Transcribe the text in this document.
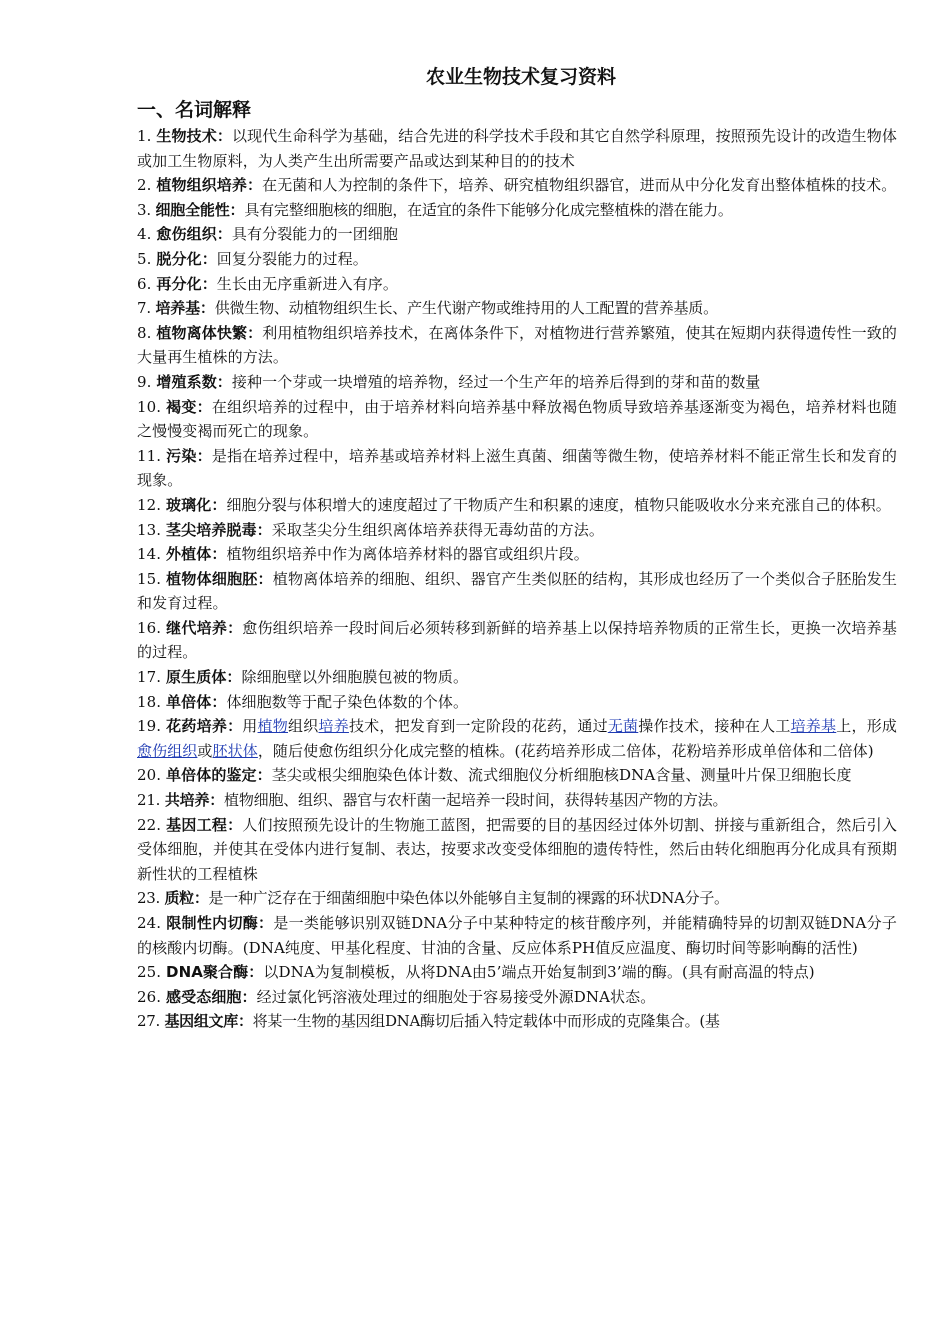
农业生物技术复习资料
一、名词解释

1. 生物技术：以现代生命科学为基础，结合先进的科学技术手段和其它自然学科原理，按照预先设计的改造生物体或加工生物原料，为人类产生出所需要产品或达到某种目的的技术

2. 植物组织培养：在无菌和人为控制的条件下，培养、研究植物组织器官，进而从中分化发育出整体植株的技术。

3. 细胞全能性：具有完整细胞核的细胞，在适宜的条件下能够分化成完整植株的潜在能力。

4. 愈伤组织：具有分裂能力的一团细胞

5. 脱分化：回复分裂能力的过程。

6. 再分化：生长由无序重新进入有序。

7. 培养基：供微生物、动植物组织生长、产生代谢产物或维持用的人工配置的营养基质。

8. 植物离体快繁：利用植物组织培养技术，在离体条件下，对植物进行营养繁殖，使其在短期内获得遗传性一致的大量再生植株的方法。

9. 增殖系数：接种一个芽或一块增殖的培养物，经过一个生产年的培养后得到的芽和苗的数量

10. 褐变：在组织培养的过程中，由于培养材料向培养基中释放褐色物质导致培养基逐渐变为褐色，培养材料也随之慢慢变褐而死亡的现象。

11. 污染：是指在培养过程中，培养基或培养材料上滋生真菌、细菌等微生物，使培养材料不能正常生长和发育的现象。

12. 玻璃化：细胞分裂与体积增大的速度超过了干物质产生和积累的速度，植物只能吸收水分来充涨自己的体积。

13. 茎尖培养脱毒：采取茎尖分生组织离体培养获得无毒幼苗的方法。

14. 外植体：植物组织培养中作为离体培养材料的器官或组织片段。

15. 植物体细胞胚：植物离体培养的细胞、组织、器官产生类似胚的结构，其形成也经历了一个类似合子胚胎发生和发育过程。

16. 继代培养：愈伤组织培养一段时间后必须转移到新鲜的培养基上以保持培养物质的正常生长，更换一次培养基的过程。

17. 原生质体：除细胞壁以外细胞膜包被的物质。

18. 单倍体：体细胞数等于配子染色体数的个体。

19. 花药培养：用植物组织培养技术，把发育到一定阶段的花药，通过无菌操作技术，接种在人工培养基上，形成愈伤组织或胚状体，随后使愈伤组织分化成完整的植株。(花药培养形成二倍体，花粉培养形成单倍体和二倍体)

20. 单倍体的鉴定：茎尖或根尖细胞染色体计数、流式细胞仪分析细胞核DNA含量、测量叶片保卫细胞长度

21. 共培养：植物细胞、组织、器官与农杆菌一起培养一段时间，获得转基因产物的方法。

22. 基因工程：人们按照预先设计的生物施工蓝图，把需要的目的基因经过体外切割、拼接与重新组合，然后引入受体细胞，并使其在受体内进行复制、表达，按要求改变受体细胞的遗传特性，然后由转化细胞再分化成具有预期新性状的工程植株

23. 质粒：是一种广泛存在于细菌细胞中染色体以外能够自主复制的裸露的环状DNA分子。

24. 限制性内切酶：是一类能够识别双链DNA分子中某种特定的核苷酸序列，并能精确特异的切割双链DNA分子的核酸内切酶。(DNA纯度、甲基化程度、甘油的含量、反应体系PH值反应温度、酶切时间等影响酶的活性)

25. DNA聚合酶：以DNA为复制模板，从将DNA由5’端点开始复制到3’端的酶。(具有耐高温的特点)

26. 感受态细胞：经过氯化钙溶液处理过的细胞处于容易接受外源DNA状态。

27. 基因组文库：将某一生物的基因组DNA酶切后插入特定载体中而形成的克隆集合。(基
